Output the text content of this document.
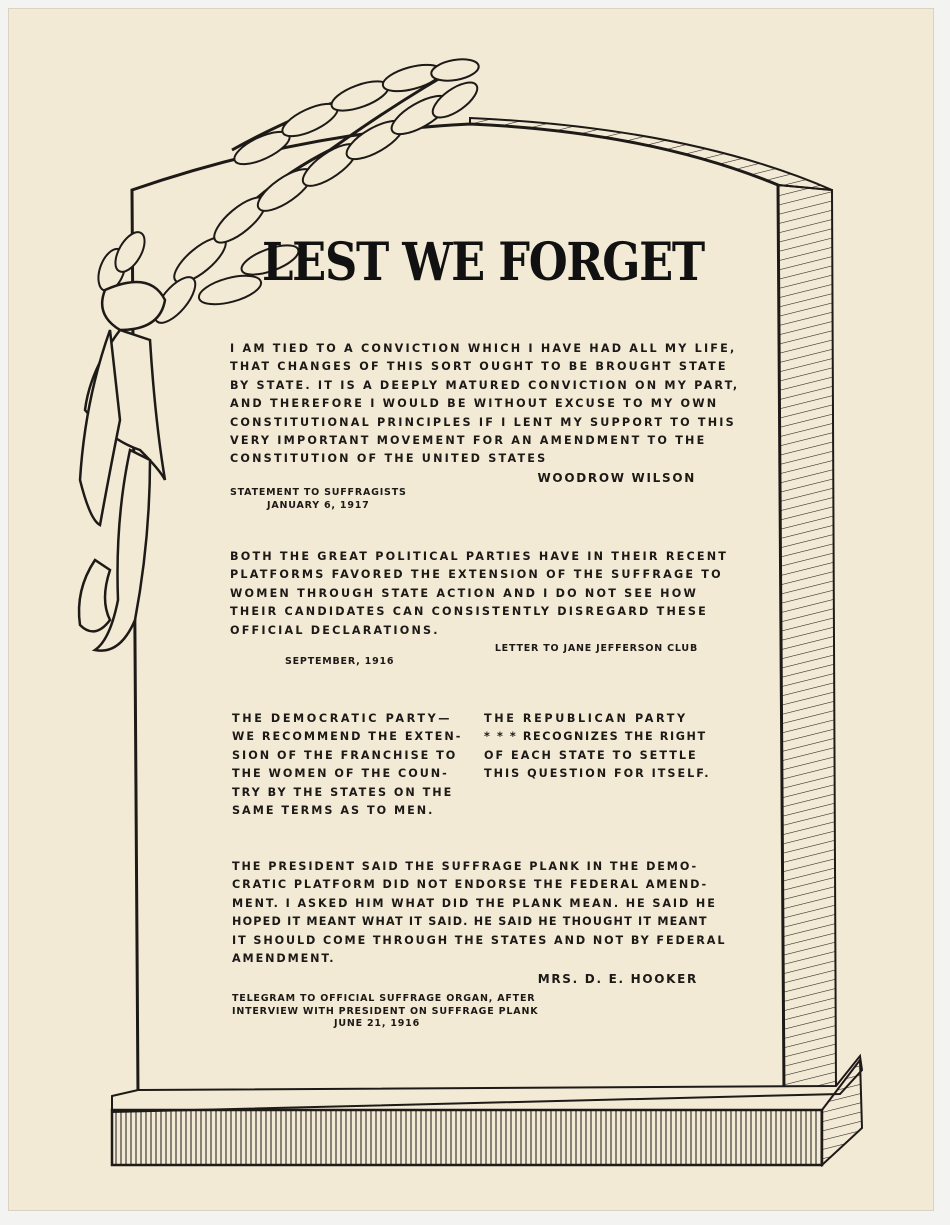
LEST WE FORGET
I AM TIED TO A CONVICTION WHICH I HAVE HAD ALL MY LIFE,
THAT CHANGES OF THIS SORT OUGHT TO BE BROUGHT STATE
BY STATE. IT IS A DEEPLY MATURED CONVICTION ON MY PART,
AND THEREFORE I WOULD BE WITHOUT EXCUSE TO MY OWN
CONSTITUTIONAL PRINCIPLES IF I LENT MY SUPPORT TO THIS
VERY IMPORTANT MOVEMENT FOR AN AMENDMENT TO THE
CONSTITUTION OF THE UNITED STATES
WOODROW WILSON
STATEMENT TO SUFFRAGISTS
JANUARY 6, 1917
BOTH THE GREAT POLITICAL PARTIES HAVE IN THEIR RECENT
PLATFORMS FAVORED THE EXTENSION OF THE SUFFRAGE TO
WOMEN THROUGH STATE ACTION AND I DO NOT SEE HOW
THEIR CANDIDATES CAN CONSISTENTLY DISREGARD THESE
OFFICIAL DECLARATIONS.
LETTER TO JANE JEFFERSON CLUB
SEPTEMBER, 1916
THE DEMOCRATIC PARTY—
WE RECOMMEND THE EXTEN-
SION OF THE FRANCHISE TO
THE WOMEN OF THE COUN-
TRY BY THE STATES ON THE
SAME TERMS AS TO MEN.
THE REPUBLICAN PARTY
* * * RECOGNIZES THE RIGHT
OF EACH STATE TO SETTLE
THIS QUESTION FOR ITSELF.
THE PRESIDENT SAID THE SUFFRAGE PLANK IN THE DEMO-
CRATIC PLATFORM DID NOT ENDORSE THE FEDERAL AMEND-
MENT. I ASKED HIM WHAT DID THE PLANK MEAN. HE SAID HE
HOPED IT MEANT WHAT IT SAID. HE SAID HE THOUGHT IT MEANT
IT SHOULD COME THROUGH THE STATES AND NOT BY FEDERAL
AMENDMENT.
MRS. D. E. HOOKER
TELEGRAM TO OFFICIAL SUFFRAGE ORGAN, AFTER
INTERVIEW WITH PRESIDENT ON SUFFRAGE PLANK
JUNE 21, 1916
